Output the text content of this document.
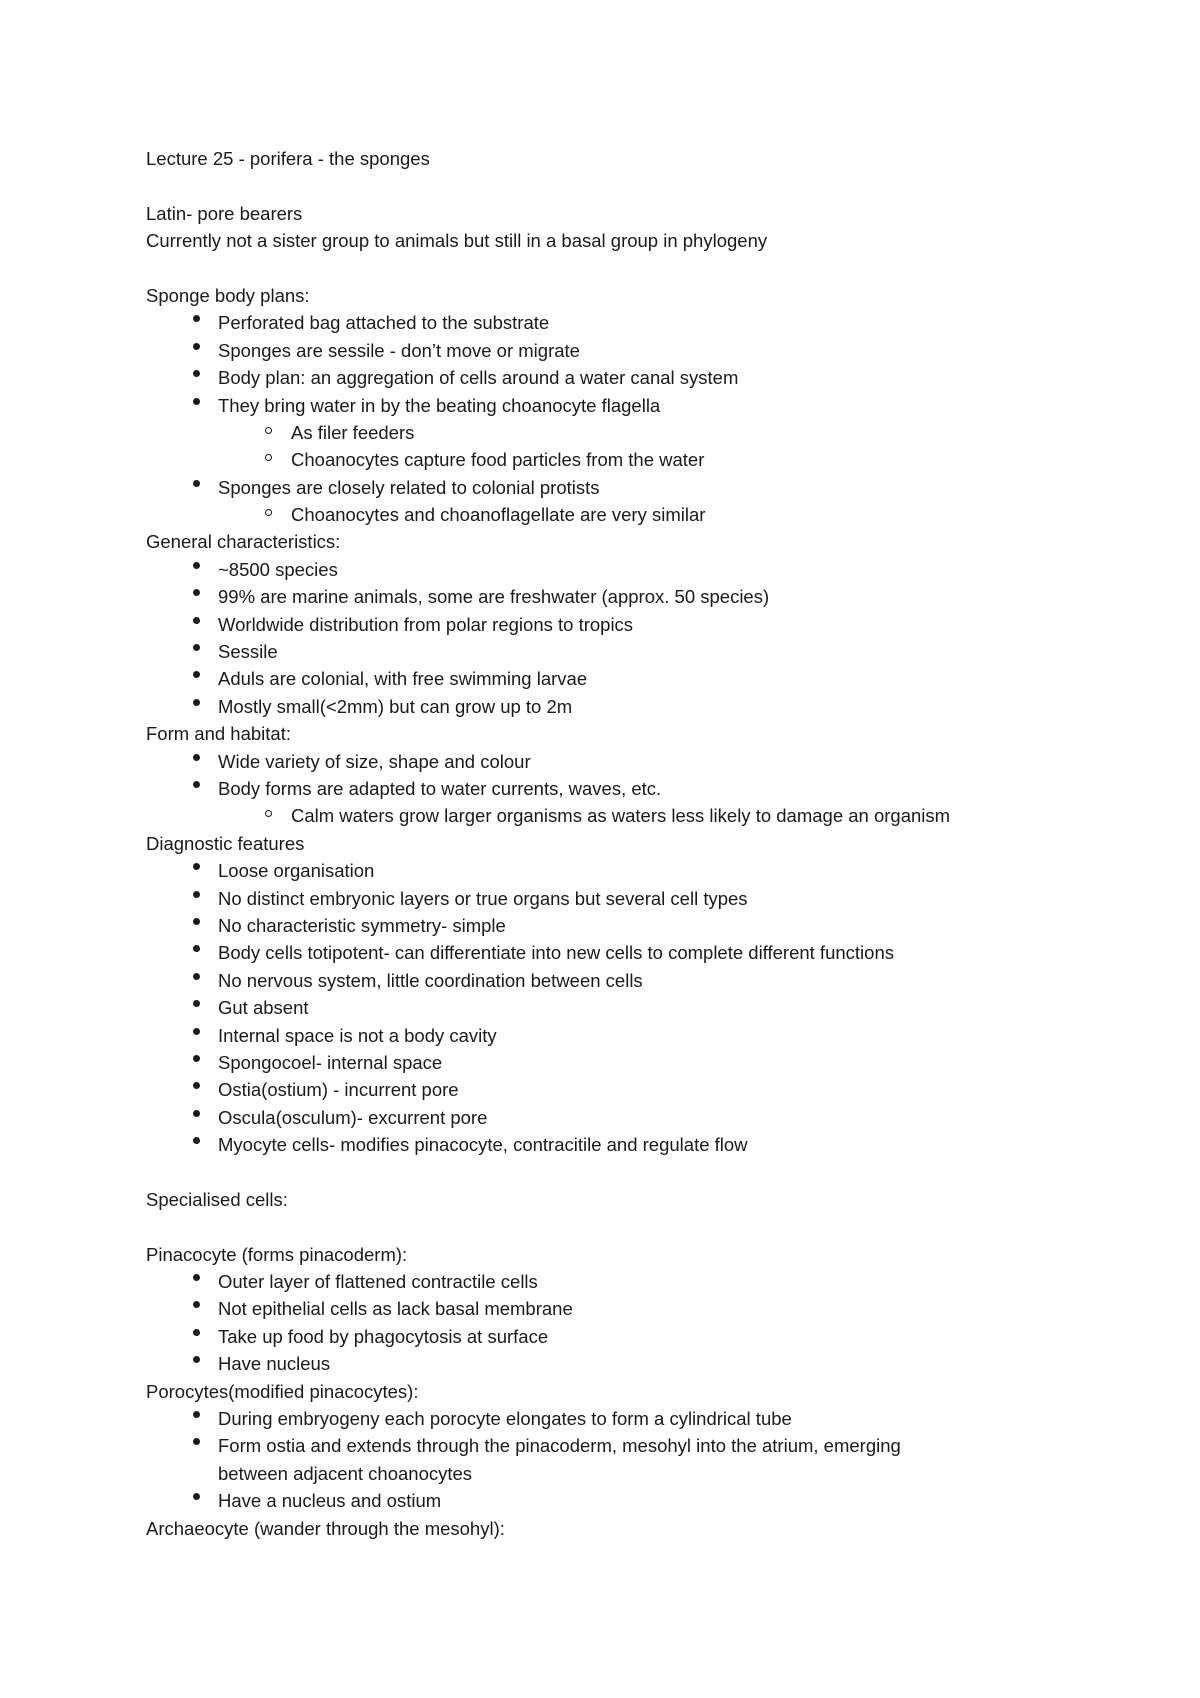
Lecture 25 - porifera - the sponges
Latin- pore bearers
Currently not a sister group to animals but still in a basal group in phylogeny
Sponge body plans:
Perforated bag attached to the substrate
Sponges are sessile - don’t move or migrate
Body plan: an aggregation of cells around a water canal system
They bring water in by the beating choanocyte flagella
As filer feeders
Choanocytes capture food particles from the water
Sponges are closely related to colonial protists
Choanocytes and choanoflagellate are very similar
General characteristics:
~8500 species
99% are marine animals, some are freshwater (approx. 50 species)
Worldwide distribution from polar regions to tropics
Sessile
Aduls are colonial, with free swimming larvae
Mostly small(<2mm) but can grow up to 2m
Form and habitat:
Wide variety of size, shape and colour
Body forms are adapted to water currents, waves, etc.
Calm waters grow larger organisms as waters less likely to damage an organism
Diagnostic features
Loose organisation
No distinct embryonic layers or true organs but several cell types
No characteristic symmetry- simple
Body cells totipotent- can differentiate into new cells to complete different functions
No nervous system, little coordination between cells
Gut absent
Internal space is not a body cavity
Spongocoel- internal space
Ostia(ostium) - incurrent pore
Oscula(osculum)- excurrent pore
Myocyte cells- modifies pinacocyte, contracitile and regulate flow
Specialised cells:
Pinacocyte (forms pinacoderm):
Outer layer of flattened contractile cells
Not epithelial cells as lack basal membrane
Take up food by phagocytosis at surface
Have nucleus
Porocytes(modified pinacocytes):
During embryogeny each porocyte elongates to form a cylindrical tube
Form ostia and extends through the pinacoderm, mesohyl into the atrium, emerging
between adjacent choanocytes
Have a nucleus and ostium
Archaeocyte (wander through the mesohyl):
